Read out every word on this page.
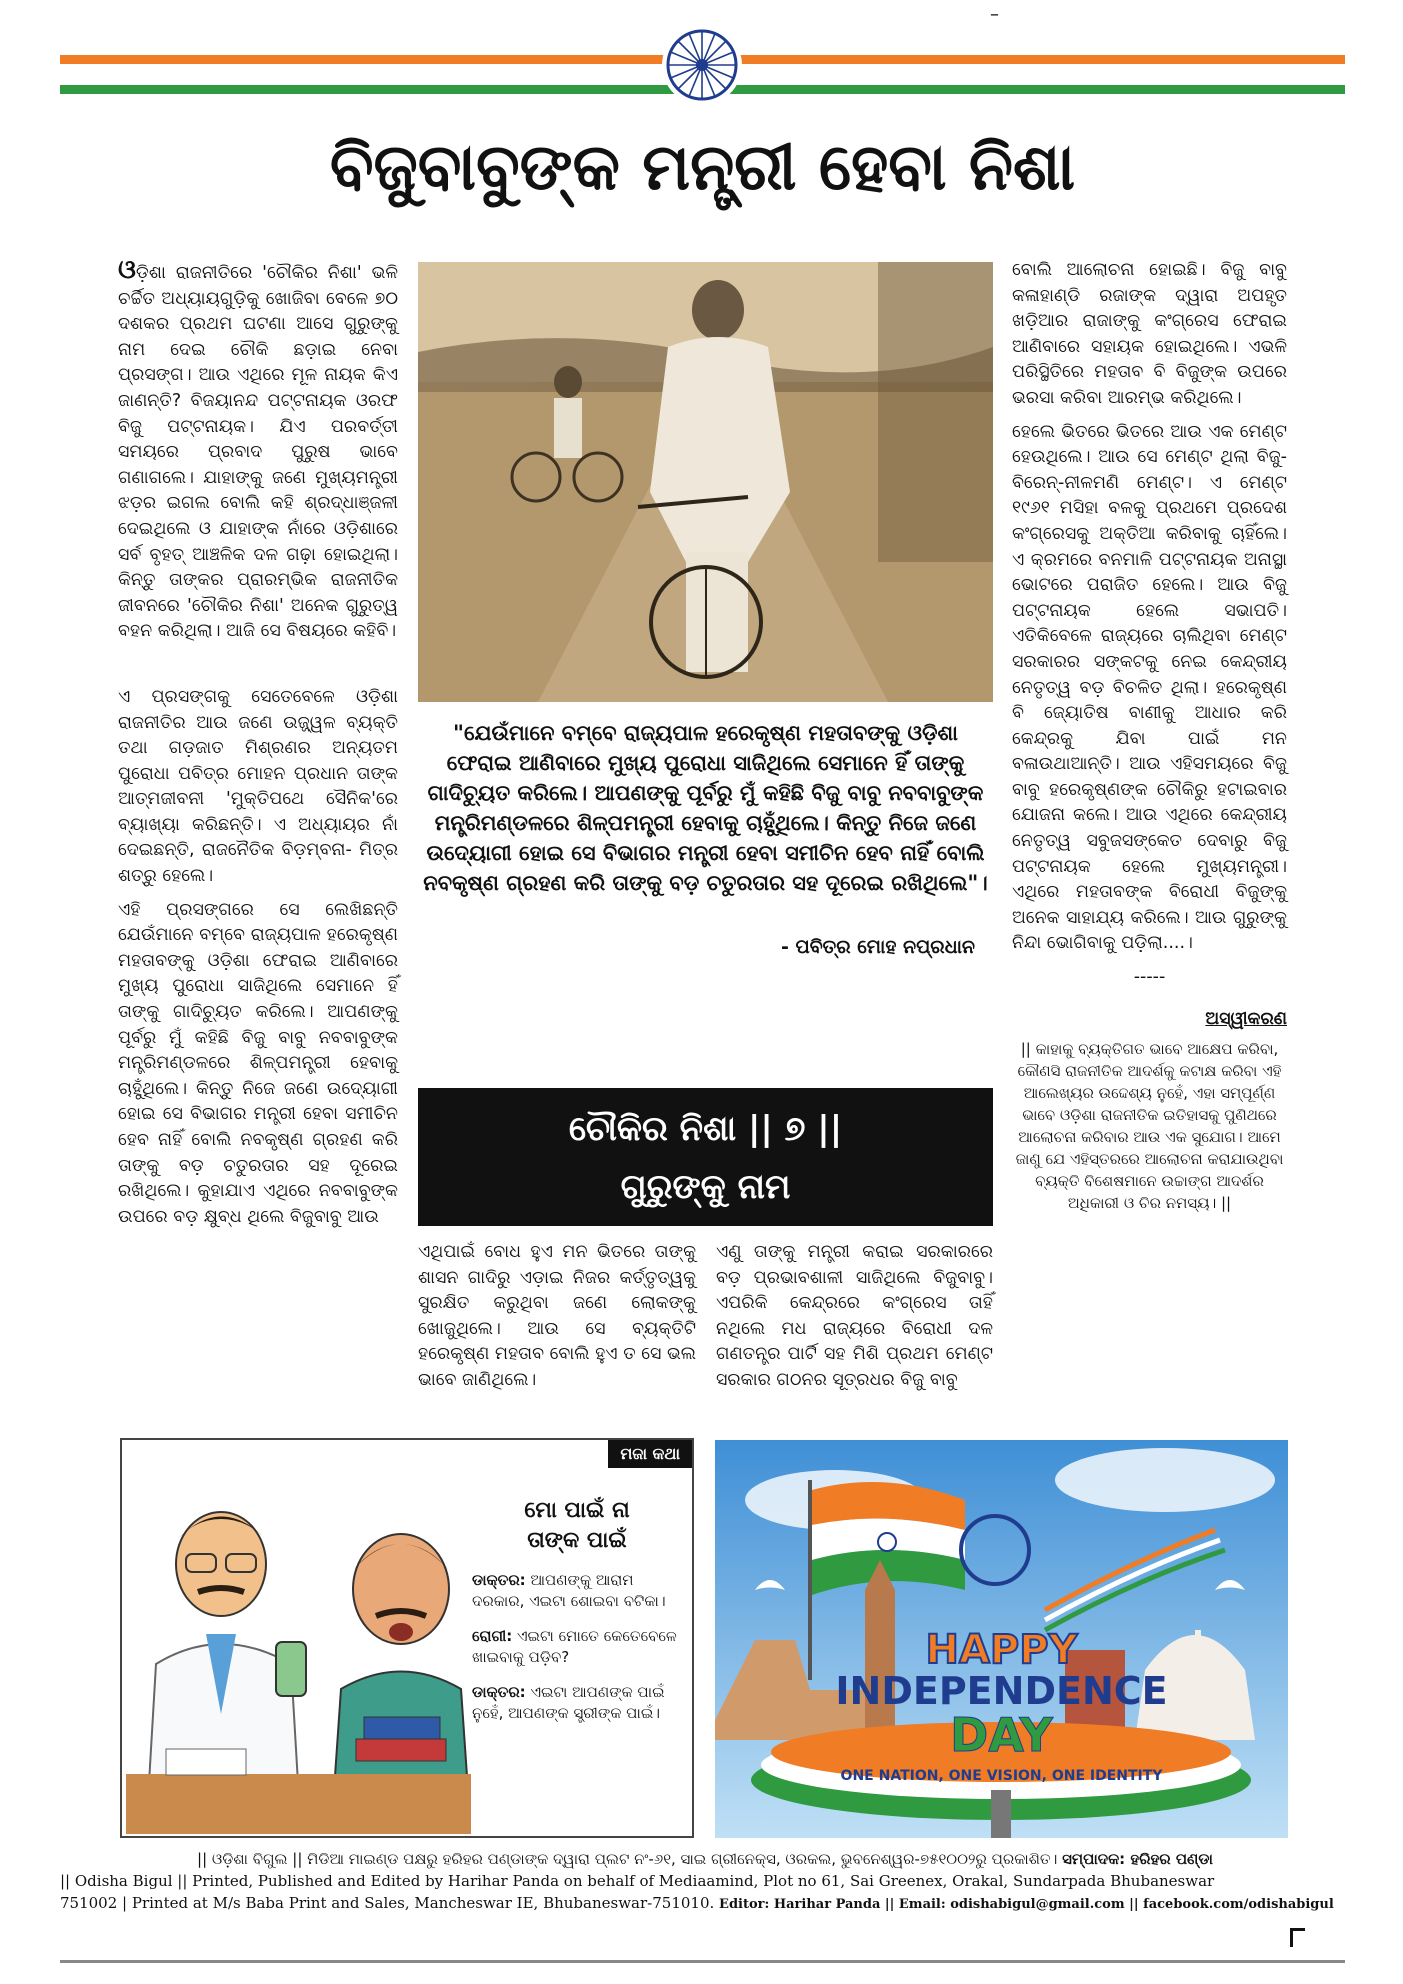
–
ବିଜୁବାବୁଙ୍କ ମନ୍ତ୍ରୀ ହେବା ନିଶା

ଓଡ଼ିଶା ରାଜନୀତିରେ 'ଚୌକିର ନିଶା' ଭଳି ଚର୍ଚ୍ଚିତ ଅଧ୍ୟାୟଗୁଡ଼ିକୁ ଖୋଜିବା ବେଳେ ୭୦ ଦଶକର ପ୍ରଥମ ଘଟଣା ଆସେ ଗୁରୁଙ୍କୁ ନାମ ଦେଇ ଚୌକି ଛଡ଼ାଇ ନେବା ପ୍ରସଙ୍ଗ। ଆଉ ଏଥିରେ ମୂଳ ନାୟକ କିଏ ଜାଣନ୍ତି? ବିଜୟାନନ୍ଦ ପଟ୍ଟନାୟକ ଓରଫ ବିଜୁ ପଟ୍ଟନାୟକ। ଯିଏ ପରବର୍ତ୍ତୀ ସମୟରେ ପ୍ରବାଦ ପୁରୁଷ ଭାବେ ଗଣାଗଲେ। ଯାହାଙ୍କୁ ଜଣେ ମୁଖ୍ୟମନ୍ତ୍ରୀ ଝଡ଼ର ଇଗଲ ବୋଲି କହି ଶ୍ରଦ୍ଧାଞ୍ଜଳୀ ଦେଇଥିଲେ ଓ ଯାହାଙ୍କ ନାଁରେ ଓଡ଼ିଶାରେ ସର୍ବ ବୃହତ୍ ଆଞ୍ଚଳିକ ଦଳ ଗଢ଼ା ହୋଇଥିଲା। କିନ୍ତୁ ତାଙ୍କର ପ୍ରାରମ୍ଭିକ ରାଜନୀତିକ ଜୀବନରେ 'ଚୌକିର ନିଶା' ଅନେକ ଗୁରୁତ୍ୱ ବହନ କରିଥିଲା। ଆଜି ସେ ବିଷୟରେ କହିବି।

ଏ ପ୍ରସଙ୍ଗକୁ ସେତେବେଳେ ଓଡ଼ିଶା ରାଜନୀତିର ଆଉ ଜଣେ ଉଜ୍ଜ୍ୱଳ ବ୍ୟକ୍ତି ତଥା ଗଡ଼ଜାତ ମିଶ୍ରଣର ଅନ୍ୟତମ ପୁରୋଧା ପବିତ୍ର ମୋହନ ପ୍ରଧାନ ତାଙ୍କ ଆତ୍ମଜୀବନୀ 'ମୁକ୍ତିପଥେ ସୈନିକ'ରେ ବ୍ୟାଖ୍ୟା କରିଛନ୍ତି। ଏ ଅଧ୍ୟାୟର ନାଁ ଦେଇଛନ୍ତି, ରାଜନୈତିକ ବିଡ଼ମ୍ବନା- ମିତ୍ର ଶତ୍ରୁ ହେଲେ।

ଏହି ପ୍ରସଙ୍ଗରେ ସେ ଲେଖିଛନ୍ତି ଯେଉଁମାନେ ବମ୍ବେ ରାଜ୍ୟପାଳ ହରେକୃଷ୍ଣ ମହତାବଙ୍କୁ ଓଡ଼ିଶା ଫେରାଇ ଆଣିବାରେ ମୁଖ୍ୟ ପୁରୋଧା ସାଜିଥିଲେ ସେମାନେ ହିଁ ତାଙ୍କୁ ଗାଦିଚ୍ୟୁତ କରିଲେ। ଆପଣଙ୍କୁ ପୂର୍ବରୁ ମୁଁ କହିଛି ବିଜୁ ବାବୁ ନବବାବୁଙ୍କ ମନ୍ତ୍ରିମଣ୍ଡଳରେ ଶିଳ୍ପମନ୍ତ୍ରୀ ହେବାକୁ ଚାହୁଁଥିଲେ। କିନ୍ତୁ ନିଜେ ଜଣେ ଉଦ୍ୟୋଗୀ ହୋଇ ସେ ବିଭାଗର ମନ୍ତ୍ରୀ ହେବା ସମୀଚିନ ହେବ ନାହିଁ ବୋଲି ନବକୃଷ୍ଣ ଗ୍ରହଣ କରି ତାଙ୍କୁ ବଡ଼ ଚତୁରତାର ସହ ଦୂରେଇ ରଖିଥିଲେ। କୁହାଯାଏ ଏଥିରେ ନବବାବୁଙ୍କ ଉପରେ ବଡ଼ କ୍ଷୁବ୍ଧ ଥିଲେ ବିଜୁବାବୁ ଆଉ

"ଯେଉଁମାନେ ବମ୍ବେ ରାଜ୍ୟପାଳ ହରେକୃଷ୍ଣ ମହତାବଙ୍କୁ ଓଡ଼ିଶା ଫେରାଇ ଆଣିବାରେ ମୁଖ୍ୟ ପୁରୋଧା ସାଜିଥିଲେ ସେମାନେ ହିଁ ତାଙ୍କୁ ଗାଦିଚ୍ୟୁତ କରିଲେ। ଆପଣଙ୍କୁ ପୂର୍ବରୁ ମୁଁ କହିଛି ବିଜୁ ବାବୁ ନବବାବୁଙ୍କ ମନ୍ତ୍ରିମଣ୍ଡଳରେ ଶିଳ୍ପମନ୍ତ୍ରୀ ହେବାକୁ ଚାହୁଁଥିଲେ। କିନ୍ତୁ ନିଜେ ଜଣେ ଉଦ୍ୟୋଗୀ ହୋଇ ସେ ବିଭାଗର ମନ୍ତ୍ରୀ ହେବା ସମୀଚିନ ହେବ ନାହିଁ ବୋଲି ନବକୃଷ୍ଣ ଗ୍ରହଣ କରି ତାଙ୍କୁ ବଡ଼ ଚତୁରତାର ସହ ଦୂରେଇ ରଖିଥିଲେ"।
- ପବିତ୍ର ମୋହ ନପ୍ରଧାନ
ଚୌକିର ନିଶା || ୭ ||
ଗୁରୁଙ୍କୁ ନାମ
ଏଥିପାଇଁ ବୋଧ ହୁଏ ମନ ଭିତରେ ତାଙ୍କୁ ଶାସନ ଗାଦିରୁ ଏଡ଼ାଇ ନିଜର କର୍ତ୍ତୃତ୍ୱକୁ ସୁରକ୍ଷିତ କରୁଥିବା ଜଣେ ଲୋକଙ୍କୁ ଖୋଜୁଥିଲେ। ଆଉ ସେ ବ୍ୟକ୍ତିଟି ହରେକୃଷ୍ଣ ମହତାବ ବୋଲି ହୁଏ ତ ସେ ଭଲ ଭାବେ ଜାଣିଥିଲେ।
ଏଣୁ ତାଙ୍କୁ ମନ୍ତ୍ରୀ କରାଇ ସରକାରରେ ବଡ଼ ପ୍ରଭାବଶାଳୀ ସାଜିଥିଲେ ବିଜୁବାବୁ। ଏପରିକି କେନ୍ଦ୍ରରେ କଂଗ୍ରେସ ତାହିଁ ନଥିଲେ ମଧ ରାଜ୍ୟରେ ବିରୋଧୀ ଦଳ ଗଣତନ୍ତ୍ର ପାର୍ଟି ସହ ମିଶି ପ୍ରଥମ ମେଣ୍ଟ ସରକାର ଗଠନର ସୂତ୍ରଧର ବିଜୁ ବାବୁ

ବୋଲି ଆଲୋଚନା ହୋଇଛି। ବିଜୁ ବାବୁ କଳାହାଣ୍ଡି ରଜାଙ୍କ ଦ୍ୱାରା ଅପହୃତ ଖଡ଼ିଆର ରାଜାଙ୍କୁ କଂଗ୍ରେସ ଫେରାଇ ଆଣିବାରେ ସହାୟକ ହୋଇଥିଲେ। ଏଭଳି ପରିସ୍ଥିତିରେ ମହତାବ ବି ବିଜୁଙ୍କ ଉପରେ ଭରସା କରିବା ଆରମ୍ଭ କରିଥିଲେ।

ହେଲେ ଭିତରେ ଭିତରେ ଆଉ ଏକ ମେଣ୍ଟ ହେଉଥିଲେ। ଆଉ ସେ ମେଣ୍ଟ ଥିଲା ବିଜୁ-ବିରେନ୍-ନୀଳମଣି ମେଣ୍ଟ। ଏ ମେଣ୍ଟ ୧୯୬୧ ମସିହା ବଳକୁ ପ୍ରଥମେ ପ୍ରଦେଶ କଂଗ୍ରେସକୁ ଅକ୍ତିଆ କରିବାକୁ ଚାହିଁଲେ। ଏ କ୍ରମରେ ବନମାଳି ପଟ୍ଟନାୟକ ଅନାସ୍ଥା ଭୋଟରେ ପରାଜିତ ହେଲେ। ଆଉ ବିଜୁ ପଟ୍ଟନାୟକ ହେଲେ ସଭାପତି। ଏତିକିବେଳେ ରାଜ୍ୟରେ ଚାଲିଥିବା ମେଣ୍ଟ ସରକାରର ସଙ୍କଟକୁ ନେଇ କେନ୍ଦ୍ରୀୟ ନେତୃତ୍ୱ ବଡ଼ ବିଚଳିତ ଥିଲା। ହରେକୃଷ୍ଣ ବି ଜ୍ୟୋତିଷ ବାଣୀକୁ ଆଧାର କରି କେନ୍ଦ୍ରକୁ ଯିବା ପାଇଁ ମନ ବଳାଉଥାଆନ୍ତି। ଆଉ ଏହିସମୟରେ ବିଜୁ ବାବୁ ହରେକୃଷ୍ଣଙ୍କ ଚୌକିରୁ ହଟାଇବାର ଯୋଜନା କଲେ। ଆଉ ଏଥିରେ କେନ୍ଦ୍ରୀୟ ନେତୃତ୍ୱ ସବୁଜସଙ୍କେତ ଦେବାରୁ ବିଜୁ ପଟ୍ଟନାୟକ ହେଲେ ମୁଖ୍ୟମନ୍ତ୍ରୀ। ଏଥିରେ ମହତାବଙ୍କ ବିରୋଧୀ ବିଜୁଙ୍କୁ ଅନେକ ସାହାଯ୍ୟ କରିଲେ। ଆଉ ଗୁରୁଙ୍କୁ ନିନ୍ଦା ଭୋଗିବାକୁ ପଡ଼ିଲା....।

-----
ଅସ୍ୱୀକରଣ
|| କାହାକୁ ବ୍ୟକ୍ତିଗତ ଭାବେ ଆକ୍ଷେପ କରିବା, କୌଣସି ରାଜନୀତିକ ଆଦର୍ଶକୁ କଟାକ୍ଷ କରିବା ଏହି ଆଲେଖ୍ୟର ଉଦ୍ଦେଶ୍ୟ ନୁହେଁ, ଏହା ସମ୍ପୂର୍ଣ୍ଣ ଭାବେ ଓଡ଼ିଶା ରାଜନୀତିକ ଇତିହାସକୁ ପୁଣିଥରେ ଆଲୋଚନା କରିବାର ଆଉ ଏକ ସୁଯୋଗ। ଆମେ ଜାଣୁ ଯେ ଏହିସ୍ତରରେ ଆଲୋଚନା କରାଯାଉଥିବା ବ୍ୟକ୍ତି ବିଶେଷମାନେ ଉଚ୍ଚାଙ୍ଗ ଆଦର୍ଶର ଅଧିକାରୀ ଓ ଚିର ନମସ୍ୟ। ||
ମଜା କଥା
ମୋ ପାଇଁ ନା
ତାଙ୍କ ପାଇଁ
ଡାକ୍ତର: ଆପଣଙ୍କୁ ଆରାମ ଦରକାର, ଏଇଟା ଶୋଇବା ବଟିକା।
ରୋଗୀ: ଏଇଟା ମୋତେ କେତେବେଳେ ଖାଇବାକୁ ପଡ଼ିବ?
ଡାକ୍ତର: ଏଇଟା ଆପଣଙ୍କ ପାଇଁ ନୁହେଁ, ଆପଣଙ୍କ ସ୍ତ୍ରୀଙ୍କ ପାଇଁ।
HAPPY
INDEPENDENCE
DAY
ONE NATION, ONE VISION, ONE IDENTITY
|| ଓଡ଼ିଶା ବିଗୁଲ || ମିଡିଆ ମାଇଣ୍ଡ ପକ୍ଷରୁ ହରିହର ପଣ୍ଡାଙ୍କ ଦ୍ୱାରା ପ୍ଲଟ ନଂ-୬୧, ସାଇ ଗ୍ରୀନେକ୍ସ, ଓରକଲ, ଭୁବନେଶ୍ୱର-୭୫୧୦୦୨ରୁ ପ୍ରକାଶିତ। ସମ୍ପାଦକ: ହରିହର ପଣ୍ଡା
|| Odisha Bigul || Printed, Published and Edited by Harihar Panda on behalf of Mediaamind, Plot no 61, Sai Greenex, Orakal, Sundarpada Bhubaneswar
751002 | Printed at M/s Baba Print and Sales, Mancheswar IE, Bhubaneswar-751010. Editor: Harihar Panda || Email: odishabigul@gmail.com || facebook.com/odishabigul
